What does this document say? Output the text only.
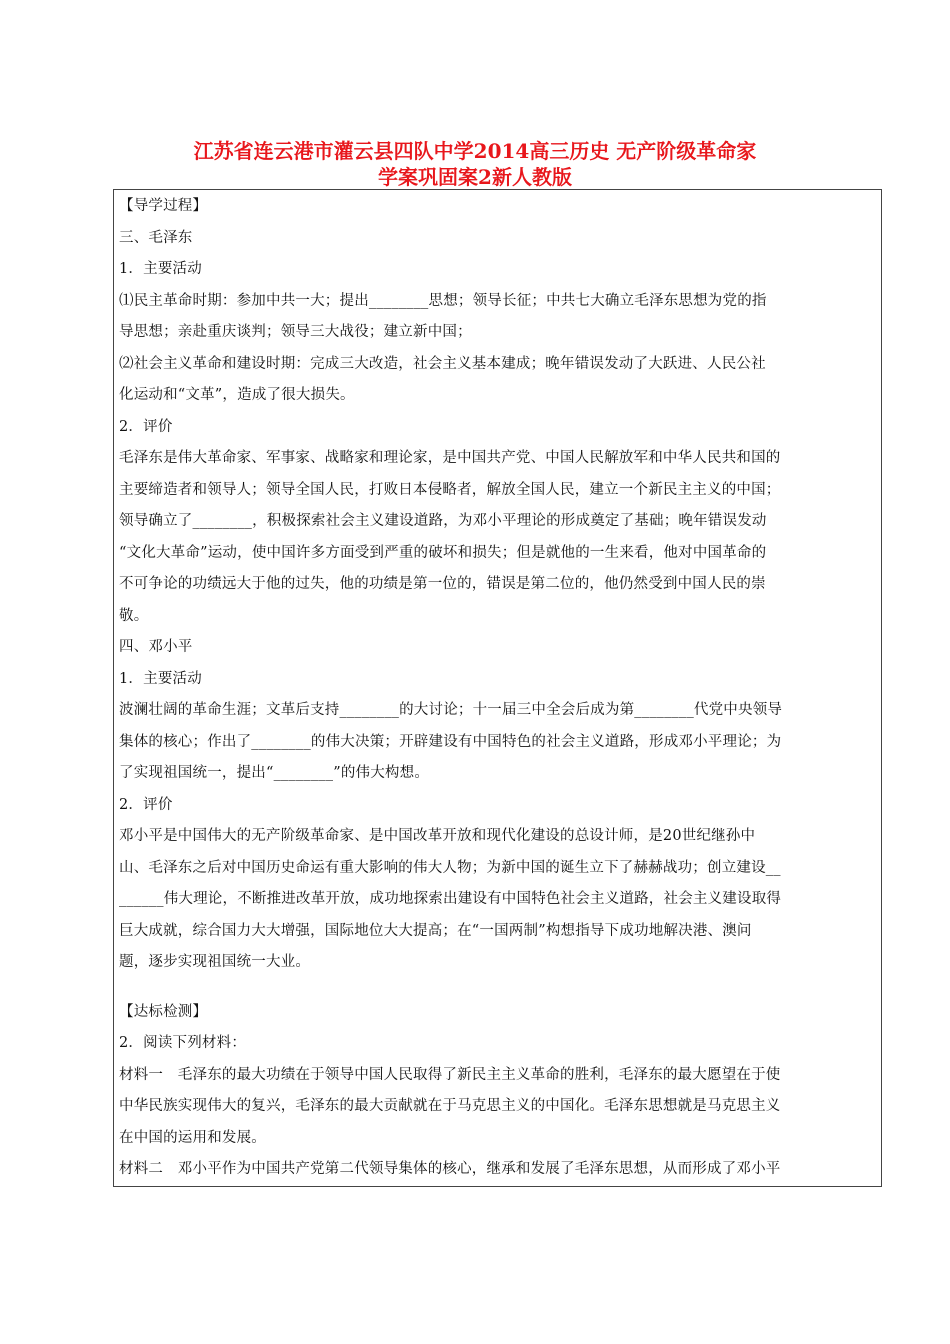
江苏省连云港市灌云县四队中学2014高三历史 无产阶级革命家
学案巩固案2新人教版

【导学过程】

三、毛泽东

1．主要活动

⑴民主革命时期：参加中共一大；提出________思想；领导长征；中共七大确立毛泽东思想为党的指

导思想；亲赴重庆谈判；领导三大战役；建立新中国；

⑵社会主义革命和建设时期：完成三大改造，社会主义基本建成；晚年错误发动了大跃进、人民公社

化运动和“文革”，造成了很大损失。

2．评价

毛泽东是伟大革命家、军事家、战略家和理论家，是中国共产党、中国人民解放军和中华人民共和国的

主要缔造者和领导人；领导全国人民，打败日本侵略者，解放全国人民，建立一个新民主主义的中国；

领导确立了________，积极探索社会主义建设道路，为邓小平理论的形成奠定了基础；晚年错误发动

“文化大革命”运动，使中国许多方面受到严重的破坏和损失；但是就他的一生来看，他对中国革命的

不可争论的功绩远大于他的过失，他的功绩是第一位的，错误是第二位的，他仍然受到中国人民的崇

敬。

四、邓小平

1．主要活动

波澜壮阔的革命生涯；文革后支持________的大讨论；十一届三中全会后成为第________代党中央领导

集体的核心；作出了________的伟大决策；开辟建设有中国特色的社会主义道路，形成邓小平理论；为

了实现祖国统一，提出“________”的伟大构想。

2．评价

邓小平是中国伟大的无产阶级革命家、是中国改革开放和现代化建设的总设计师，是20世纪继孙中

山、毛泽东之后对中国历史命运有重大影响的伟大人物；为新中国的诞生立下了赫赫战功；创立建设__

______伟大理论，不断推进改革开放，成功地探索出建设有中国特色社会主义道路，社会主义建设取得

巨大成就，综合国力大大增强，国际地位大大提高；在“一国两制”构想指导下成功地解决港、澳问

题，逐步实现祖国统一大业。

【达标检测】

2．阅读下列材料：

材料一　毛泽东的最大功绩在于领导中国人民取得了新民主主义革命的胜利，毛泽东的最大愿望在于使

中华民族实现伟大的复兴，毛泽东的最大贡献就在于马克思主义的中国化。毛泽东思想就是马克思主义

在中国的运用和发展。

材料二　邓小平作为中国共产党第二代领导集体的核心，继承和发展了毛泽东思想，从而形成了邓小平
